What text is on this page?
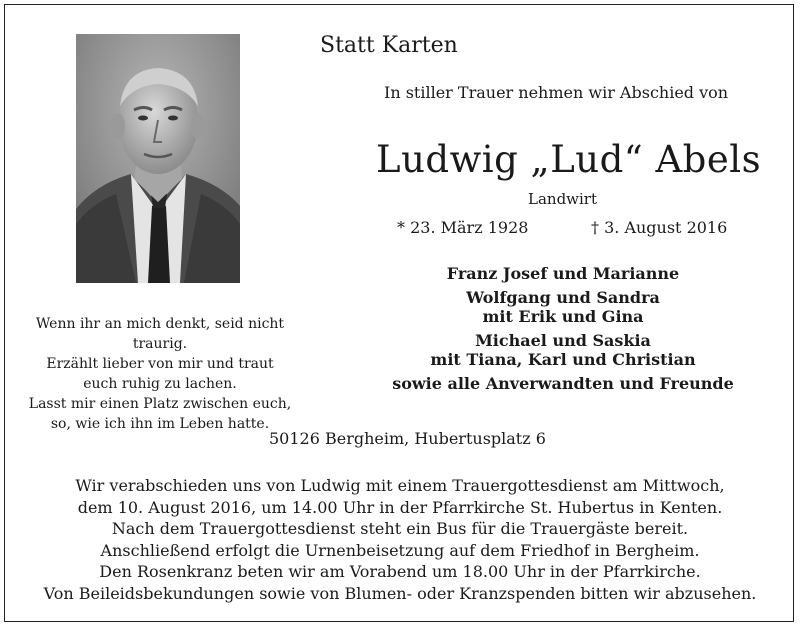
Statt Karten
In stiller Trauer nehmen wir Abschied von
Ludwig „Lud“ Abels
Landwirt
* 23. März 1928	† 3. August 2016
Franz Josef und Marianne
Wolfgang und Sandra
mit Erik und Gina
Michael und Saskia
mit Tiana, Karl und Christian
sowie alle Anverwandten und Freunde
Wenn ihr an mich denkt, seid nicht traurig.
Erzählt lieber von mir und traut
euch ruhig zu lachen.
Lasst mir einen Platz zwischen euch,
so, wie ich ihn im Leben hatte.
50126 Bergheim, Hubertusplatz 6
Wir verabschieden uns von Ludwig mit einem Trauergottesdienst am Mittwoch,
dem 10. August 2016, um 14.00 Uhr in der Pfarrkirche St. Hubertus in Kenten.
Nach dem Trauergottesdienst steht ein Bus für die Trauergäste bereit.
Anschließend erfolgt die Urnenbeisetzung auf dem Friedhof in Bergheim.
Den Rosenkranz beten wir am Vorabend um 18.00 Uhr in der Pfarrkirche.
Von Beileidsbekundungen sowie von Blumen- oder Kranzspenden bitten wir abzusehen.
